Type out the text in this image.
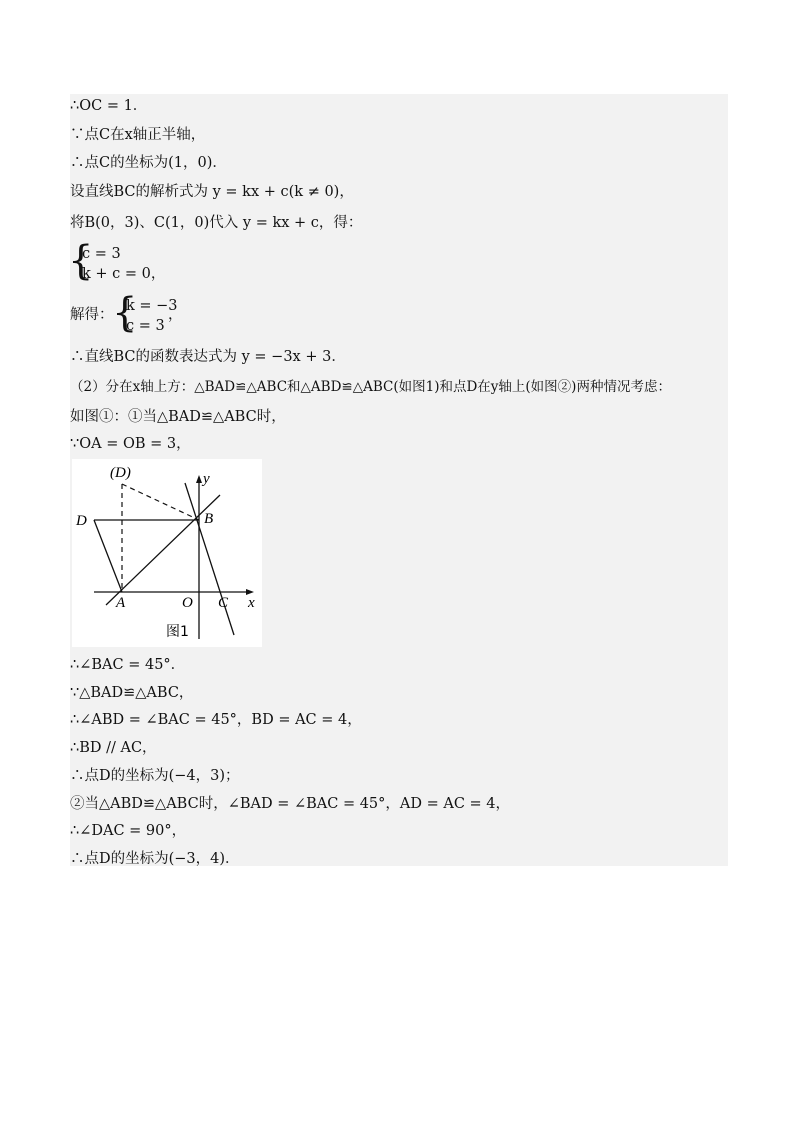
∴OC = 1．
∵点C在x轴正半轴，
∴点C的坐标为(1，0)．
设直线BC的解析式为 y = kx + c(k ≠ 0)，
将B(0，3)、C(1，0)代入 y = kx + c，得：
{
c = 3
k + c = 0，
解得：
{
k = −3
c = 3
，
∴直线BC的函数表达式为 y = −3x + 3．
（2）分在x轴上方：△BAD≌△ABC和△ABD≌△ABC(如图1)和点D在y轴上(如图②)两种情况考虑：
如图①：①当△BAD≌△ABC时，
∵OA = OB = 3，
(D)
D	B
A	O C x
y
图1
∴∠BAC = 45°．
∵△BAD≌△ABC，
∴∠ABD = ∠BAC = 45°，BD = AC = 4，
∴BD // AC，
∴点D的坐标为(−4，3)；
②当△ABD≌△ABC时，∠BAD = ∠BAC = 45°，AD = AC = 4，
∴∠DAC = 90°，
∴点D的坐标为(−3，4)．
